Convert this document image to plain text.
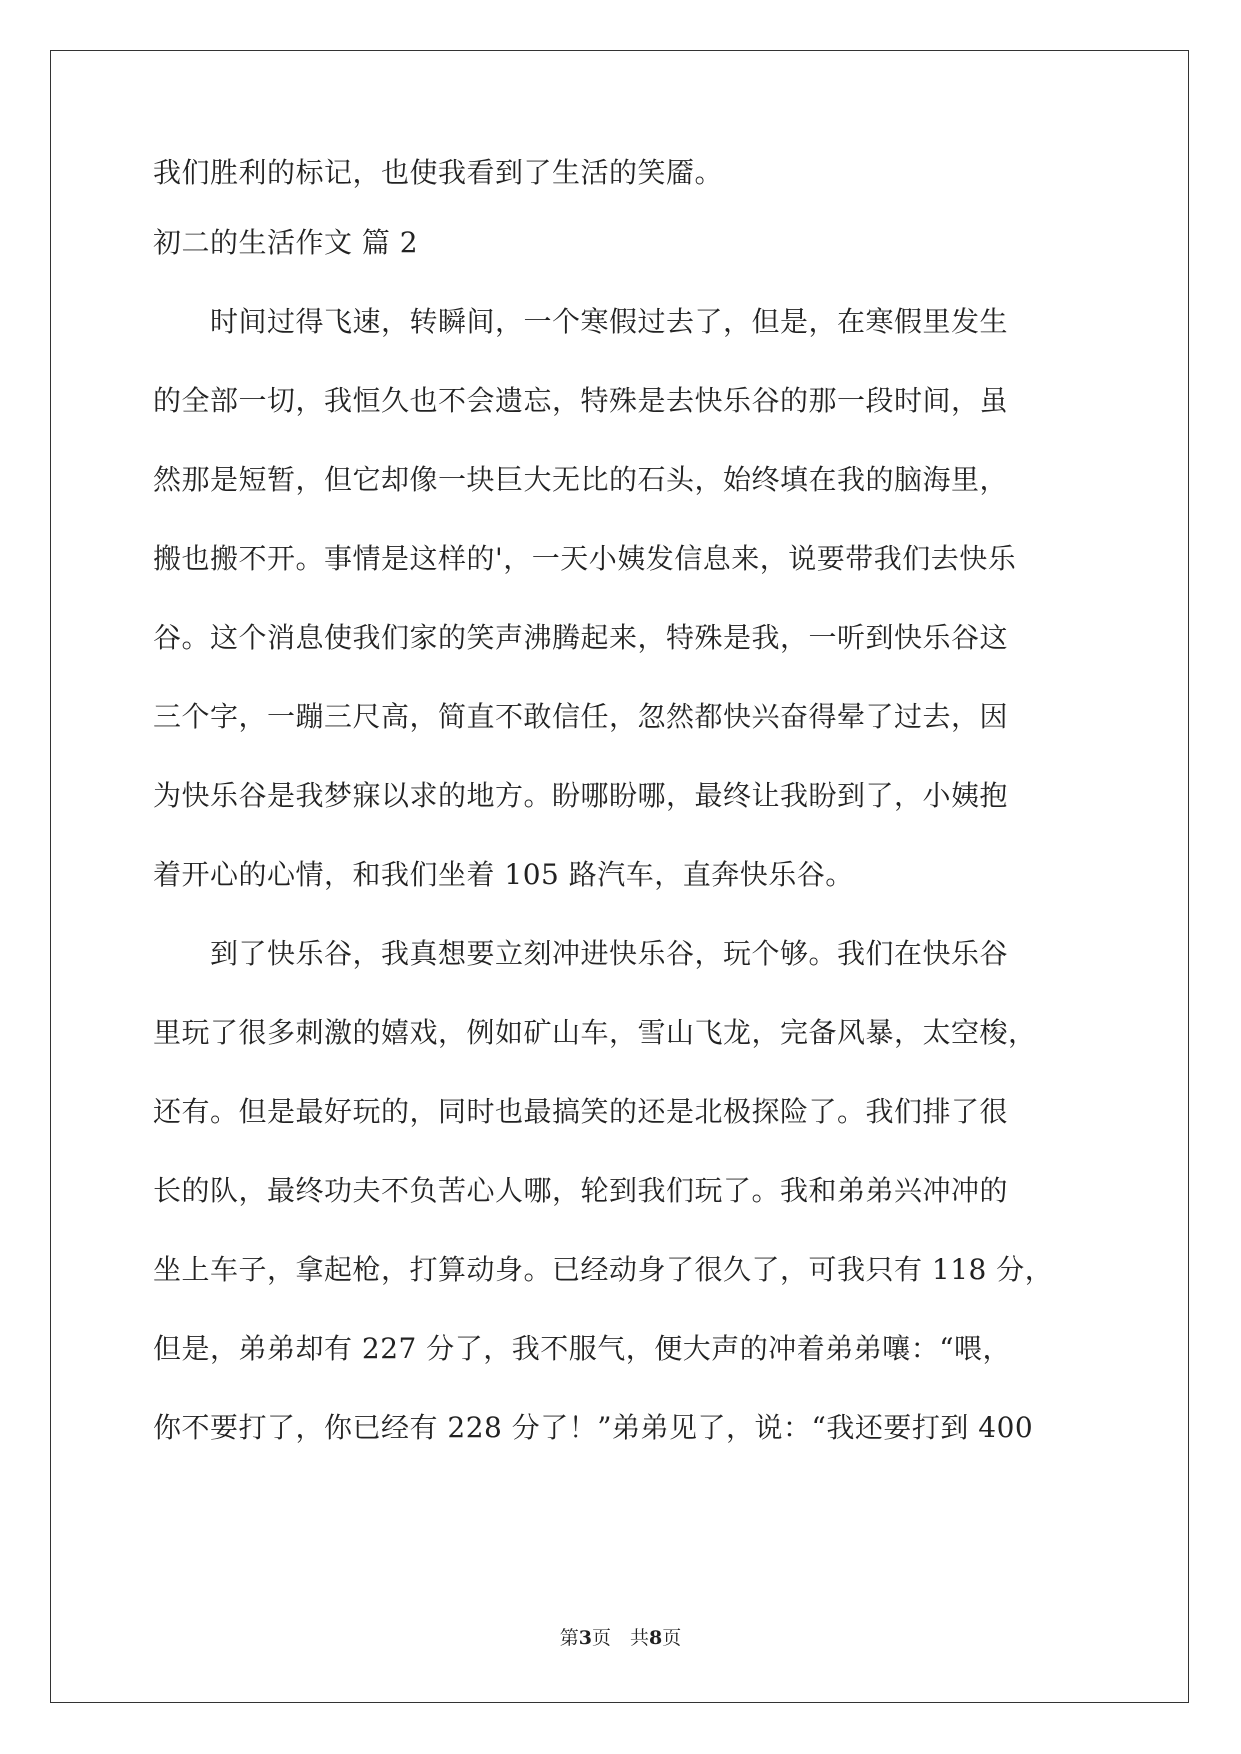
我们胜利的标记，也使我看到了生活的笑靥。
初二的生活作文 篇 2
　　时间过得飞速，转瞬间，一个寒假过去了，但是，在寒假里发生
的全部一切，我恒久也不会遗忘，特殊是去快乐谷的那一段时间，虽
然那是短暂，但它却像一块巨大无比的石头，始终填在我的脑海里，
搬也搬不开。事情是这样的'，一天小姨发信息来，说要带我们去快乐
谷。这个消息使我们家的笑声沸腾起来，特殊是我，一听到快乐谷这
三个字，一蹦三尺高，简直不敢信任，忽然都快兴奋得晕了过去，因
为快乐谷是我梦寐以求的地方。盼哪盼哪，最终让我盼到了，小姨抱
着开心的心情，和我们坐着 105 路汽车，直奔快乐谷。
　　到了快乐谷，我真想要立刻冲进快乐谷，玩个够。我们在快乐谷
里玩了很多刺激的嬉戏，例如矿山车，雪山飞龙，完备风暴，太空梭，
还有。但是最好玩的，同时也最搞笑的还是北极探险了。我们排了很
长的队，最终功夫不负苦心人哪，轮到我们玩了。我和弟弟兴冲冲的
坐上车子，拿起枪，打算动身。已经动身了很久了，可我只有 118 分，
但是，弟弟却有 227 分了，我不服气，便大声的冲着弟弟嚷：“喂，
你不要打了，你已经有 228 分了！”弟弟见了，说：“我还要打到 400
第3页　共8页
